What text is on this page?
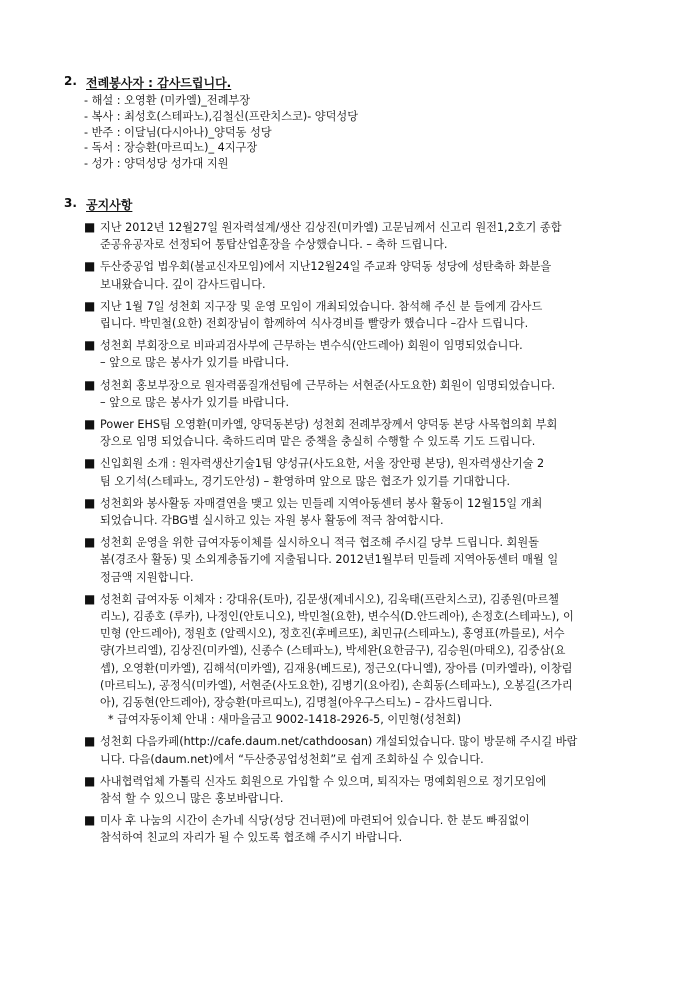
2. 전례봉사자 : 감사드립니다.
- 해설 : 오영환 (미카엘)_전례부장
- 복사 : 최성호(스테파노),김철신(프란치스코)- 양덕성당
- 반주 : 이달님(다시아나)_양덕동 성당
- 독서 : 장승환(마르띠노)_ 4지구장
- 성가 : 양덕성당 성가대 지원
3. 공지사항
■ 지난 2012년 12월27일 원자력설계/생산 김상진(미카엘) 고문님께서 신고리 원전1,2호기 종합
준공유공자로 선정되어 통탑산업훈장을 수상했습니다. – 축하 드립니다.
■ 두산중공업 법우회(불교신자모임)에서 지난12월24일 주교좌 양덕동 성당에 성탄축하 화분을
보내왔습니다. 깊이 감사드립니다.
■ 지난 1월 7일 성천회 지구장 및 운영 모임이 개최되었습니다. 참석해 주신 분 들에게 감사드
립니다. 박민철(요한) 전회장님이 함께하여 식사경비를 빨랑카 했습니다 –감사 드립니다.
■ 성천회 부회장으로 비파괴검사부에 근무하는 변수식(안드레아) 회원이 임명되었습니다.
– 앞으로 많은 봉사가 있기를 바랍니다.
■ 성천회 홍보부장으로 원자력품질개선팀에 근무하는 서현준(사도요한) 회원이 임명되었습니다.
– 앞으로 많은 봉사가 있기를 바랍니다.
■ Power EHS팀 오영환(미카엘, 양덕동본당) 성천회 전례부장께서 양덕동 본당 사목협의회 부회
장으로 임명 되었습니다. 축하드리며 맡은 중책을 충실히 수행할 수 있도록 기도 드립니다.
■ 신입회원 소개 : 원자력생산기술1팀 양성규(사도요한, 서울 장안평 본당), 원자력생산기술 2
팀 오기석(스테파노, 경기도안성) – 환영하며 앞으로 많은 협조가 있기를 기대합니다.
■ 성천회와 봉사활동 자매결연을 맺고 있는 민들레 지역아동센터 봉사 활동이 12월15일 개최
되었습니다. 각BG별 실시하고 있는 자원 봉사 활동에 적극 참여합시다.
■ 성천회 운영을 위한 급여자동이체를 실시하오니 적극 협조해 주시길 당부 드립니다. 회원돌
봄(경조사 활동) 및 소외계층돕기에 지출됩니다. 2012년1월부터 민들레 지역아동센터 매월 일
정금액 지원합니다.
■ 성천회 급여자동 이체자 : 강대유(토마), 김문생(제네시오), 김욱태(프란치스코), 김종원(마르첼
리노), 김종호 (루카), 나정인(안토니오), 박민철(요한), 변수식(D.안드레아), 손정호(스테파노), 이
민형 (안드레아), 정원호 (알렉시오), 정호진(후베르또), 최민규(스테파노), 홍영표(까를로), 서수
량(가브리엘), 김상진(미카엘), 신종수 (스테파노), 박세완(요한금구), 김승원(마태오), 김중삼(요
셉), 오영환(미카엘), 김해석(미카엘), 김재용(베드로), 정근오(다니엘), 장아름 (미카엘라), 이창림
(마르티노), 공정식(미카엘), 서현준(사도요한), 김병기(요아킴), 손희동(스테파노), 오봉길(즈가리
아), 김동현(안드레아), 장승환(마르띠노), 김명철(아우구스티노) – 감사드립니다.
* 급여자동이체 안내 : 새마을금고 9002-1418-2926-5, 이민형(성천회)
■ 성천회 다음카페(http://cafe.daum.net/cathdoosan) 개설되었습니다. 많이 방문해 주시길 바랍
니다. 다음(daum.net)에서 “두산중공업성천회”로 쉽게 조회하실 수 있습니다.
■ 사내협력업체 가톨릭 신자도 회원으로 가입할 수 있으며, 퇴직자는 명예회원으로 정기모임에
참석 할 수 있으니 많은 홍보바랍니다.
■ 미사 후 나눔의 시간이 손가네 식당(성당 건너편)에 마련되어 있습니다. 한 분도 빠짐없이
참석하여 친교의 자리가 될 수 있도록 협조해 주시기 바랍니다.
